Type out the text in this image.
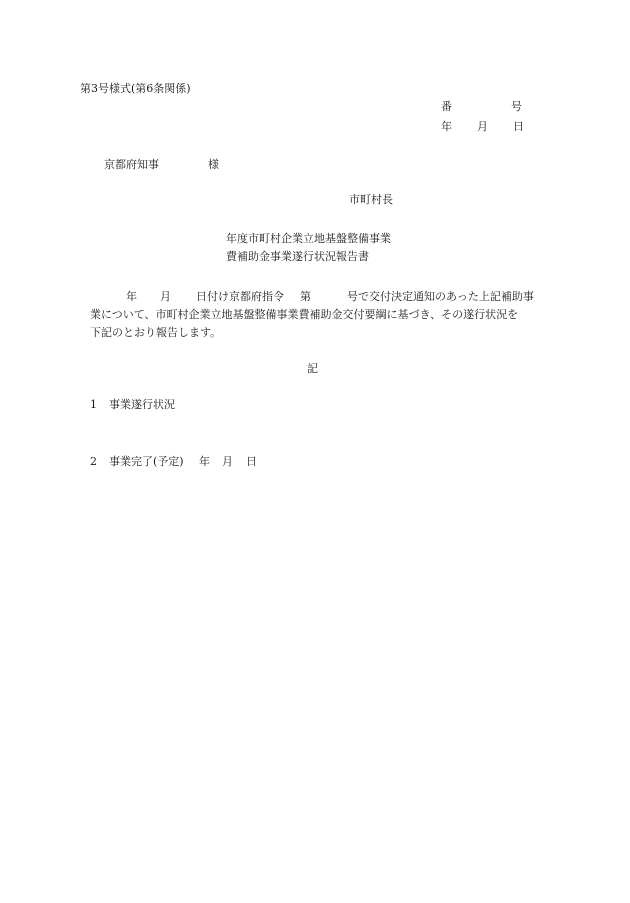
第3号様式(第6条関係)
番	号
年 月 日
京都府知事	様
市町村長
年度市町村企業立地基盤整備事業
費補助金事業遂行状況報告書
年 月 日付け京都府指令 第	号で交付決定通知のあった上記補助事
業について、市町村企業立地基盤整備事業費補助金交付要綱に基づき、その遂行状況を
下記のとおり報告します。
記
1 事業遂行状況
2 事業完了(予定) 年 月 日
